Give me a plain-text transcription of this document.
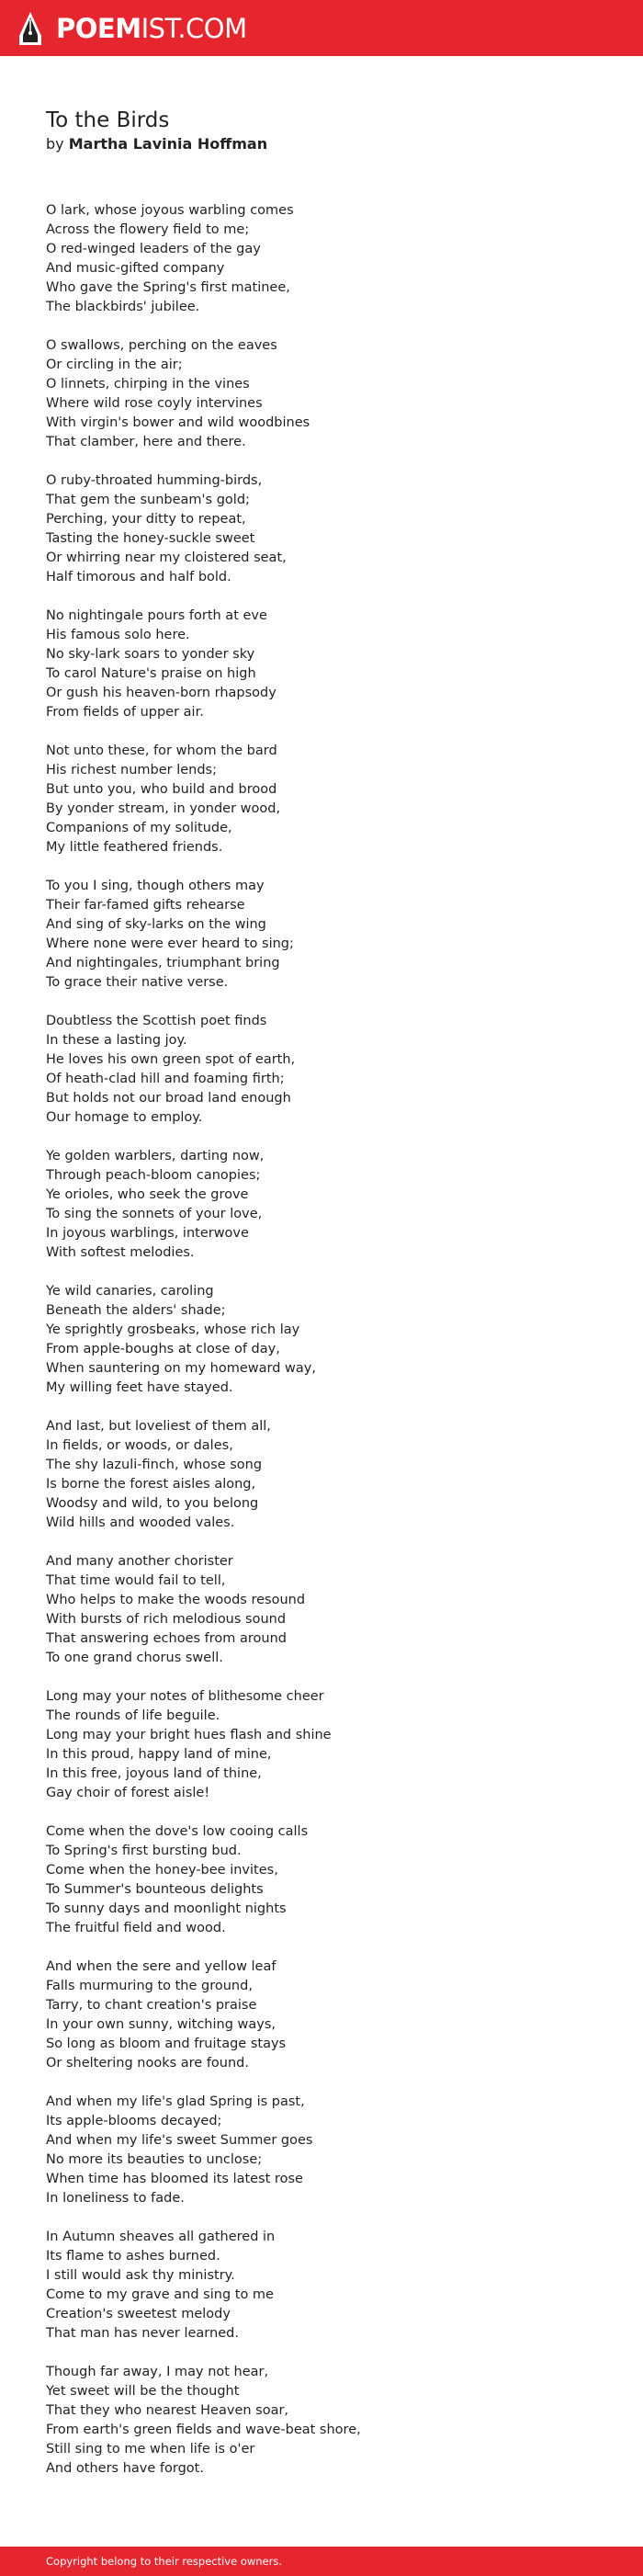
POEMIST.COM
To the Birds
by Martha Lavinia Hoffman
O lark, whose joyous warbling comes
Across the flowery field to me;
O red-winged leaders of the gay
And music-gifted company
Who gave the Spring's first matinee,
The blackbirds' jubilee.
O swallows, perching on the eaves
Or circling in the air;
O linnets, chirping in the vines
Where wild rose coyly intervines
With virgin's bower and wild woodbines
That clamber, here and there.
O ruby-throated humming-birds,
That gem the sunbeam's gold;
Perching, your ditty to repeat,
Tasting the honey-suckle sweet
Or whirring near my cloistered seat,
Half timorous and half bold.
No nightingale pours forth at eve
His famous solo here.
No sky-lark soars to yonder sky
To carol Nature's praise on high
Or gush his heaven-born rhapsody
From fields of upper air.
Not unto these, for whom the bard
His richest number lends;
But unto you, who build and brood
By yonder stream, in yonder wood,
Companions of my solitude,
My little feathered friends.
To you I sing, though others may
Their far-famed gifts rehearse
And sing of sky-larks on the wing
Where none were ever heard to sing;
And nightingales, triumphant bring
To grace their native verse.
Doubtless the Scottish poet finds
In these a lasting joy.
He loves his own green spot of earth,
Of heath-clad hill and foaming firth;
But holds not our broad land enough
Our homage to employ.
Ye golden warblers, darting now,
Through peach-bloom canopies;
Ye orioles, who seek the grove
To sing the sonnets of your love,
In joyous warblings, interwove
With softest melodies.
Ye wild canaries, caroling
Beneath the alders' shade;
Ye sprightly grosbeaks, whose rich lay
From apple-boughs at close of day,
When sauntering on my homeward way,
My willing feet have stayed.
And last, but loveliest of them all,
In fields, or woods, or dales,
The shy lazuli-finch, whose song
Is borne the forest aisles along,
Woodsy and wild, to you belong
Wild hills and wooded vales.
And many another chorister
That time would fail to tell,
Who helps to make the woods resound
With bursts of rich melodious sound
That answering echoes from around
To one grand chorus swell.
Long may your notes of blithesome cheer
The rounds of life beguile.
Long may your bright hues flash and shine
In this proud, happy land of mine,
In this free, joyous land of thine,
Gay choir of forest aisle!
Come when the dove's low cooing calls
To Spring's first bursting bud.
Come when the honey-bee invites,
To Summer's bounteous delights
To sunny days and moonlight nights
The fruitful field and wood.
And when the sere and yellow leaf
Falls murmuring to the ground,
Tarry, to chant creation's praise
In your own sunny, witching ways,
So long as bloom and fruitage stays
Or sheltering nooks are found.
And when my life's glad Spring is past,
Its apple-blooms decayed;
And when my life's sweet Summer goes
No more its beauties to unclose;
When time has bloomed its latest rose
In loneliness to fade.
In Autumn sheaves all gathered in
Its flame to ashes burned.
I still would ask thy ministry.
Come to my grave and sing to me
Creation's sweetest melody
That man has never learned.
Though far away, I may not hear,
Yet sweet will be the thought
That they who nearest Heaven soar,
From earth's green fields and wave-beat shore,
Still sing to me when life is o'er
And others have forgot.
Copyright belong to their respective owners.
